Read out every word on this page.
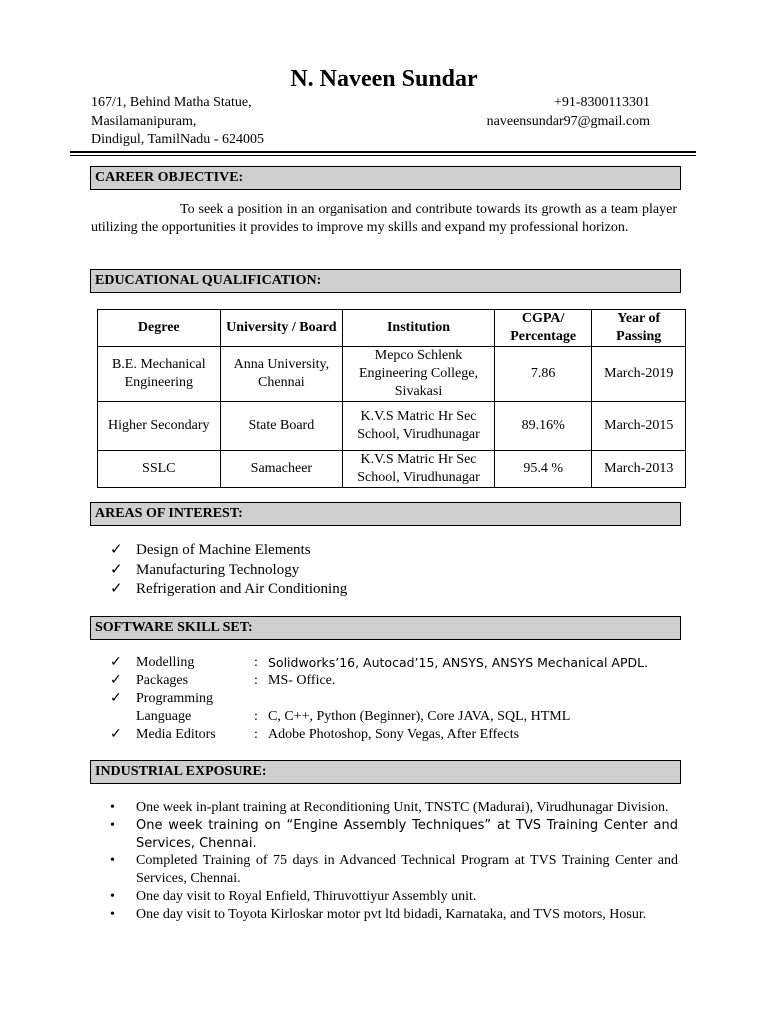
N. Naveen Sundar
167/1, Behind Matha Statue,
Masilamanipuram,
Dindigul, TamilNadu - 624005
+91-8300113301
naveensundar97@gmail.com
CAREER OBJECTIVE:
To seek a position in an organisation and contribute towards its growth as a team player utilizing the opportunities it provides to improve my skills and expand my professional horizon.
EDUCATIONAL QUALIFICATION:
Degree	University / Board	Institution	CGPA/ Percentage	Year of Passing
B.E. Mechanical Engineering	Anna University, Chennai	Mepco Schlenk Engineering College, Sivakasi	7.86	March-2019
Higher Secondary	State Board	K.V.S Matric Hr Sec School, Virudhunagar	89.16%	March-2015
SSLC	Samacheer	K.V.S Matric Hr Sec School, Virudhunagar	95.4 %	March-2013
AREAS OF INTEREST:
✓ Design of Machine Elements
✓ Manufacturing Technology
✓ Refrigeration and Air Conditioning
SOFTWARE SKILL SET:
✓	Modelling	: Solidworks’16, Autocad’15, ANSYS, ANSYS Mechanical APDL.
✓	Packages	: MS- Office.
✓	Programming
Language	: C, C++, Python (Beginner), Core JAVA, SQL, HTML
✓	Media Editors	: Adobe Photoshop, Sony Vegas, After Effects
INDUSTRIAL EXPOSURE:
•	One week in-plant training at Reconditioning Unit, TNSTC (Madurai), Virudhunagar Division.
•	One week training on “Engine Assembly Techniques” at TVS Training Center and Services, Chennai.
•	Completed Training of 75 days in Advanced Technical Program at TVS Training Center and Services, Chennai.
•	One day visit to Royal Enfield, Thiruvottiyur Assembly unit.
•	One day visit to Toyota Kirloskar motor pvt ltd bidadi, Karnataka, and TVS motors, Hosur.
